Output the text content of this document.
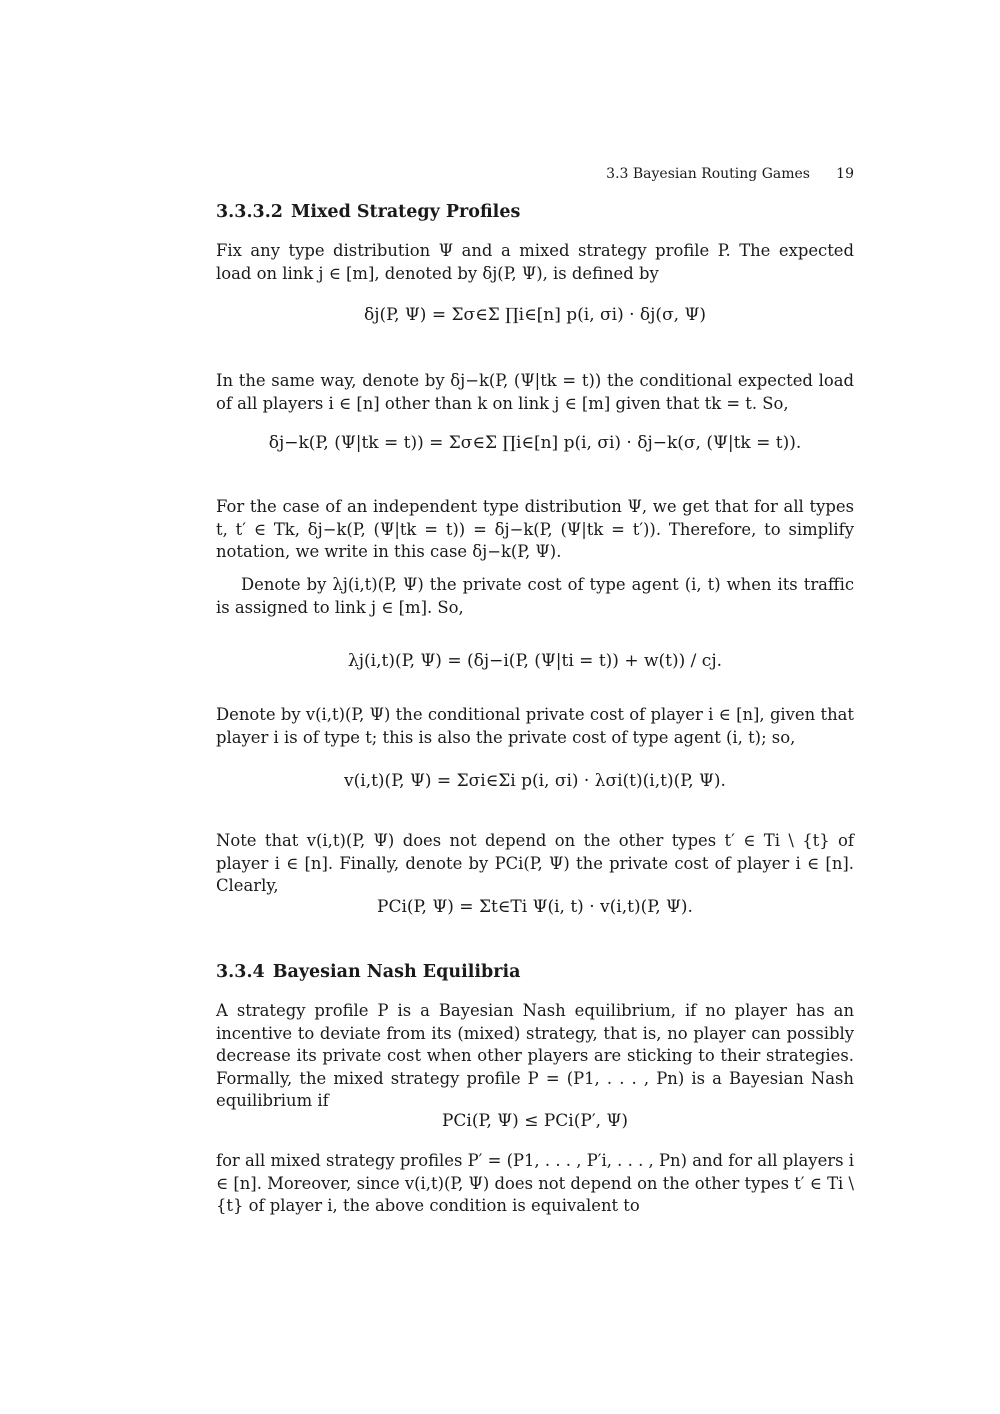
3.3 Bayesian Routing Games 19
3.3.3.2 Mixed Strategy Profiles

Fix any type distribution Ψ and a mixed strategy profile P. The expected load on link j ∈ [m], denoted by δj(P, Ψ), is defined by

δj(P, Ψ) = Σσ∈Σ ∏i∈[n] p(i, σi) · δj(σ, Ψ)

In the same way, denote by δj−k(P, (Ψ|tk = t)) the conditional expected load of all players i ∈ [n] other than k on link j ∈ [m] given that tk = t. So,

δj−k(P, (Ψ|tk = t)) = Σσ∈Σ ∏i∈[n] p(i, σi) · δj−k(σ, (Ψ|tk = t)).

For the case of an independent type distribution Ψ, we get that for all types t, t′ ∈ Tk, δj−k(P, (Ψ|tk = t)) = δj−k(P, (Ψ|tk = t′)). Therefore, to simplify notation, we write in this case δj−k(P, Ψ).

Denote by λj(i,t)(P, Ψ) the private cost of type agent (i, t) when its traffic is assigned to link j ∈ [m]. So,

λj(i,t)(P, Ψ) = (δj−i(P, (Ψ|ti = t)) + w(t)) / cj.

Denote by v(i,t)(P, Ψ) the conditional private cost of player i ∈ [n], given that player i is of type t; this is also the private cost of type agent (i, t); so,

v(i,t)(P, Ψ) = Σσi∈Σi p(i, σi) · λσi(t)(i,t)(P, Ψ).

Note that v(i,t)(P, Ψ) does not depend on the other types t′ ∈ Ti \ {t} of player i ∈ [n]. Finally, denote by PCi(P, Ψ) the private cost of player i ∈ [n]. Clearly,

PCi(P, Ψ) = Σt∈Ti Ψ(i, t) · v(i,t)(P, Ψ).
3.3.4 Bayesian Nash Equilibria

A strategy profile P is a Bayesian Nash equilibrium, if no player has an incentive to deviate from its (mixed) strategy, that is, no player can possibly decrease its private cost when other players are sticking to their strategies. Formally, the mixed strategy profile P = (P1, . . . , Pn) is a Bayesian Nash equilibrium if

PCi(P, Ψ) ≤ PCi(P′, Ψ)

for all mixed strategy profiles P′ = (P1, . . . , P′i, . . . , Pn) and for all players i ∈ [n]. Moreover, since v(i,t)(P, Ψ) does not depend on the other types t′ ∈ Ti \ {t} of player i, the above condition is equivalent to
